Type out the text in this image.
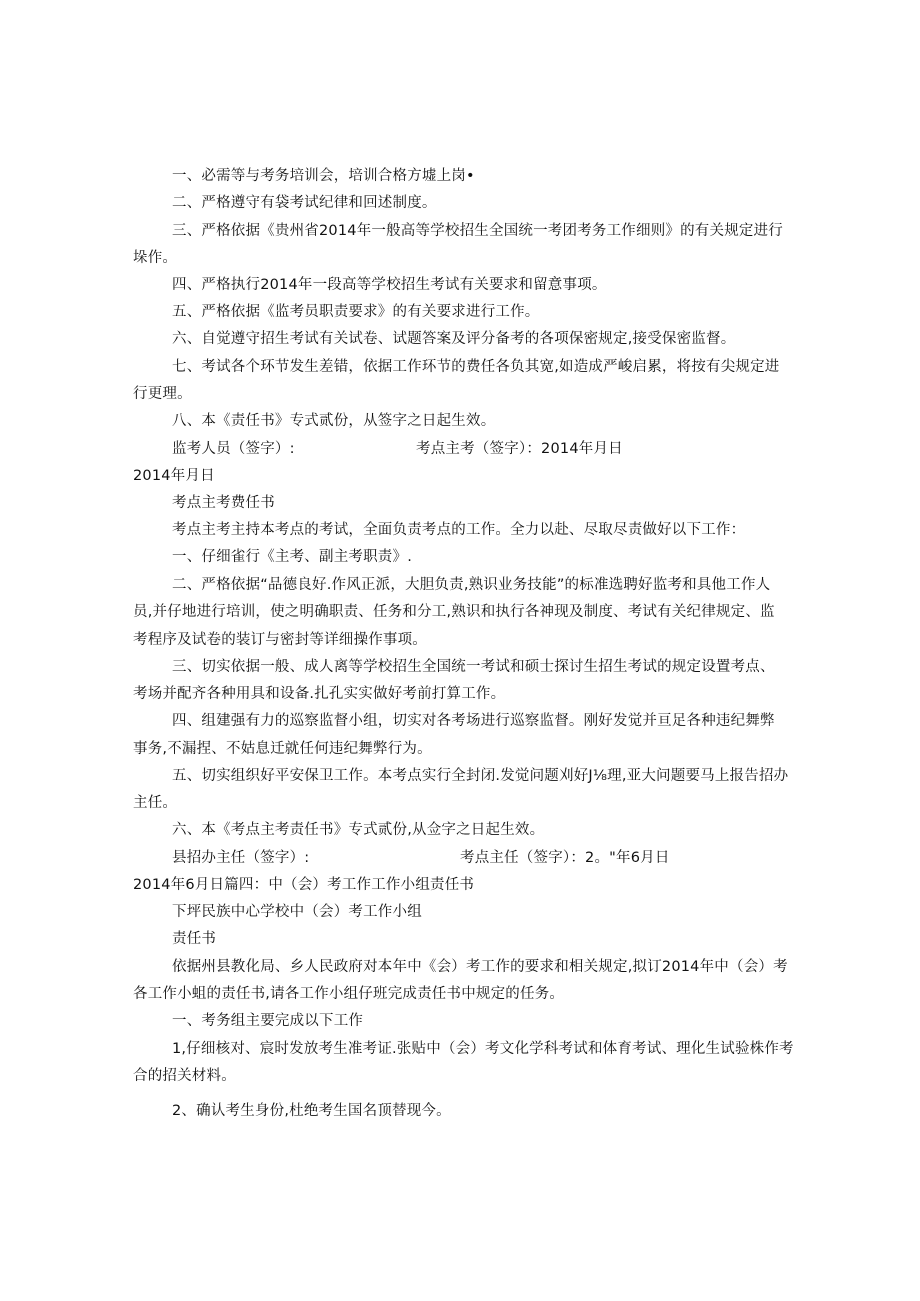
一、必需等与考务培训会，培训合格方墟上岗•
二、严格遵守有袋考试纪律和回述制度。
三、严格依据《贵州省2014年一般高等学校招生全国统一考团考务工作细则》的有关规定进行
垛作。
四、严格执行2014年一段高等学校招生考试有关要求和留意事项。
五、严格依据《监考员职责要求》的有关要求进行工作。
六、自觉遵守招生考试有关试卷、试题答案及评分备考的各项保密规定,接受保密监督。
七、考试各个环节发生差错，依据工作环节的费任各负其宽,如造成严峻启累，将按有尖规定进
行更理。
八、本《责任书》专式贰份，从签字之日起生效。
监考人员（签字）:	考点主考（签字）：2014年月日
2014年月日
考点主考费任书
考点主考主持本考点的考试，全面负责考点的工作。全力以赴、尽取尽责做好以下工作：
一、仔细雀行《主考、副主考职责》.
二、严格依据“品德良好.作风正派，大胆负责,熟识业务技能”的标准选聘好监考和具他工作人
员,并仔地进行培训，使之明确职责、任务和分工,熟识和执行各神现及制度、考试有关纪律规定、监
考程序及试卷的装订与密封等详细操作事项。
三、切实依据一般、成人离等学校招生全国统一考试和硕士探讨生招生考试的规定设置考点、
考场并配齐各种用具和设备.扎孔实实做好考前打算工作。
四、组建强有力的巡察监督小组，切实对各考场进行巡察监督。刚好发觉并亘足各种违纪舞弊
事务,不漏捏、不姑息迁就任何违纪舞弊行为。
五、切实组织好平安保卫工作。本考点实行全封闭.发觉问题刈好J⅛理,亚大问题要马上报告招办
主任。
六、本《考点主考责任书》专式贰份,从佥字之日起生效。
县招办主任（签字）:	考点主任（签字）：2。"年6月日
2014年6月日篇四：中（会）考工作工作小组责任书
下坪民族中心学校中（会）考工作小组
责任书
依据州县教化局、乡人民政府对本年中《会）考工作的要求和相关规定,拟订2014年中（会）考
各工作小蛆的责任书,请各工作小组仔班完成责任书中规定的任务。
一、考务组主要完成以下工作
1,仔细核对、宸时发放考生准考证.张贴中（会）考文化学科考试和体育考试、理化生试验株作考
合的招关材料。
2、确认考生身份,杜绝考生国名顶替现今。
